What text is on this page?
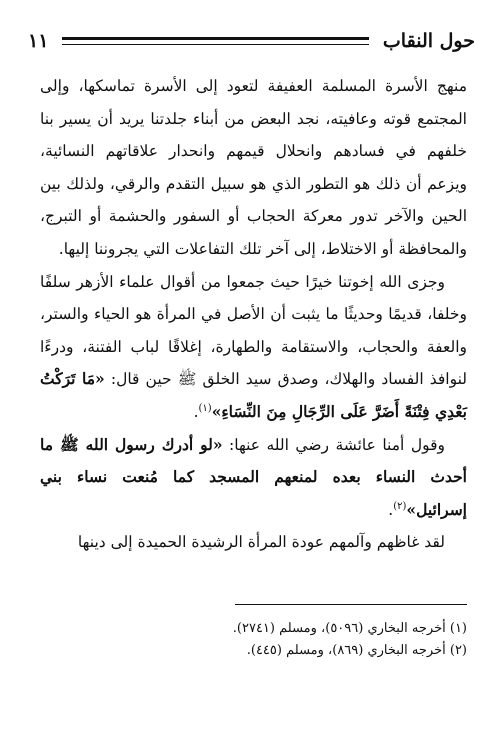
حول النقاب
١١

منهج الأسرة المسلمة العفيفة لتعود إلى الأسرة تماسكها، وإلى المجتمع قوته وعافيته، نجد البعض من أبناء جلدتنا يريد أن يسير بنا خلفهم في فسادهم وانحلال قيمهم وانحدار علاقاتهم النسائية، ويزعم أن ذلك هو التطور الذي هو سبيل التقدم والرقي، ولذلك بين الحين والآخر تدور معركة الحجاب أو السفور والحشمة أو التبرج، والمحافظة أو الاختلاط، إلى آخر تلك التفاعلات التي يجروننا إليها.

وجزى الله إخوتنا خيرًا حيث جمعوا من أقوال علماء الأزهر سلفًا وخلفا، قديمًا وحديثًا ما يثبت أن الأصل في المرأة هو الحياء والستر، والعفة والحجاب، والاستقامة والطهارة، إغلاقًا لباب الفتنة، ودرءًا لنوافذ الفساد والهلاك، وصدق سيد الخلق ﷺ حين قال: «مَا تَرَكْتُ بَعْدِي فِتْنَةً أَضَرَّ عَلَى الرِّجَالِ مِنَ النِّسَاءِ»$^{(١)}$.

وقول أمنا عائشة رضي الله عنها: «لو أدرك رسول الله ﷺ ما أحدث النساء بعده لمنعهم المسجد كما مُنعت نساء بني إسرائيل»$^{(٢)}$.

لقد غاظهم وآلمهم عودة المرأة الرشيدة الحميدة إلى دينها

(١) أخرجه البخاري (٥٠٩٦)، ومسلم (٢٧٤١).

(٢) أخرجه البخاري (٨٦٩)، ومسلم (٤٤٥).
